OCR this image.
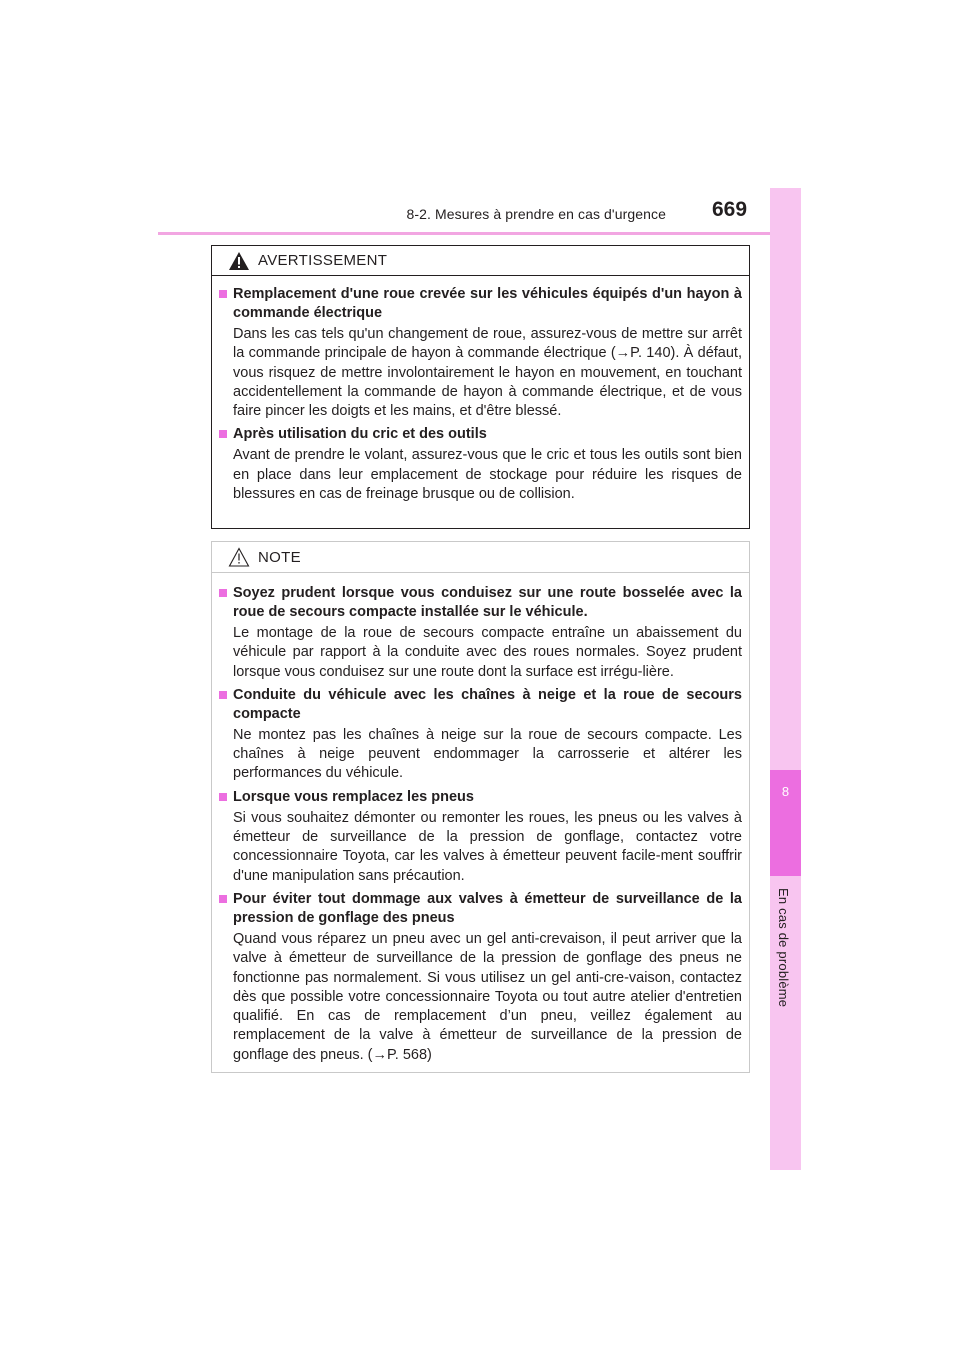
8-2. Mesures à prendre en cas d'urgence 669
8
En cas de problème
AVERTISSEMENT
Remplacement d'une roue crevée sur les véhicules équipés d'un hayon à commande électrique
Dans les cas tels qu'un changement de roue, assurez-vous de mettre sur arrêt la commande principale de hayon à commande électrique (→P. 140). À défaut, vous risquez de mettre involontairement le hayon en mouvement, en touchant accidentellement la commande de hayon à commande électrique, et de vous faire pincer les doigts et les mains, et d'être blessé.
Après utilisation du cric et des outils
Avant de prendre le volant, assurez-vous que le cric et tous les outils sont bien en place dans leur emplacement de stockage pour réduire les risques de blessures en cas de freinage brusque ou de collision.
NOTE
Soyez prudent lorsque vous conduisez sur une route bosselée avec la roue de secours compacte installée sur le véhicule.
Le montage de la roue de secours compacte entraîne un abaissement du véhicule par rapport à la conduite avec des roues normales. Soyez prudent lorsque vous conduisez sur une route dont la surface est irrégu-lière.
Conduite du véhicule avec les chaînes à neige et la roue de secours compacte
Ne montez pas les chaînes à neige sur la roue de secours compacte. Les chaînes à neige peuvent endommager la carrosserie et altérer les performances du véhicule.
Lorsque vous remplacez les pneus
Si vous souhaitez démonter ou remonter les roues, les pneus ou les valves à émetteur de surveillance de la pression de gonflage, contactez votre concessionnaire Toyota, car les valves à émetteur peuvent facile-ment souffrir d'une manipulation sans précaution.
Pour éviter tout dommage aux valves à émetteur de surveillance de la pression de gonflage des pneus
Quand vous réparez un pneu avec un gel anti-crevaison, il peut arriver que la valve à émetteur de surveillance de la pression de gonflage des pneus ne fonctionne pas normalement. Si vous utilisez un gel anti-cre-vaison, contactez dès que possible votre concessionnaire Toyota ou tout autre atelier d'entretien qualifié. En cas de remplacement d’un pneu, veillez également au remplacement de la valve à émetteur de surveillance de la pression de gonflage des pneus. (→P. 568)
